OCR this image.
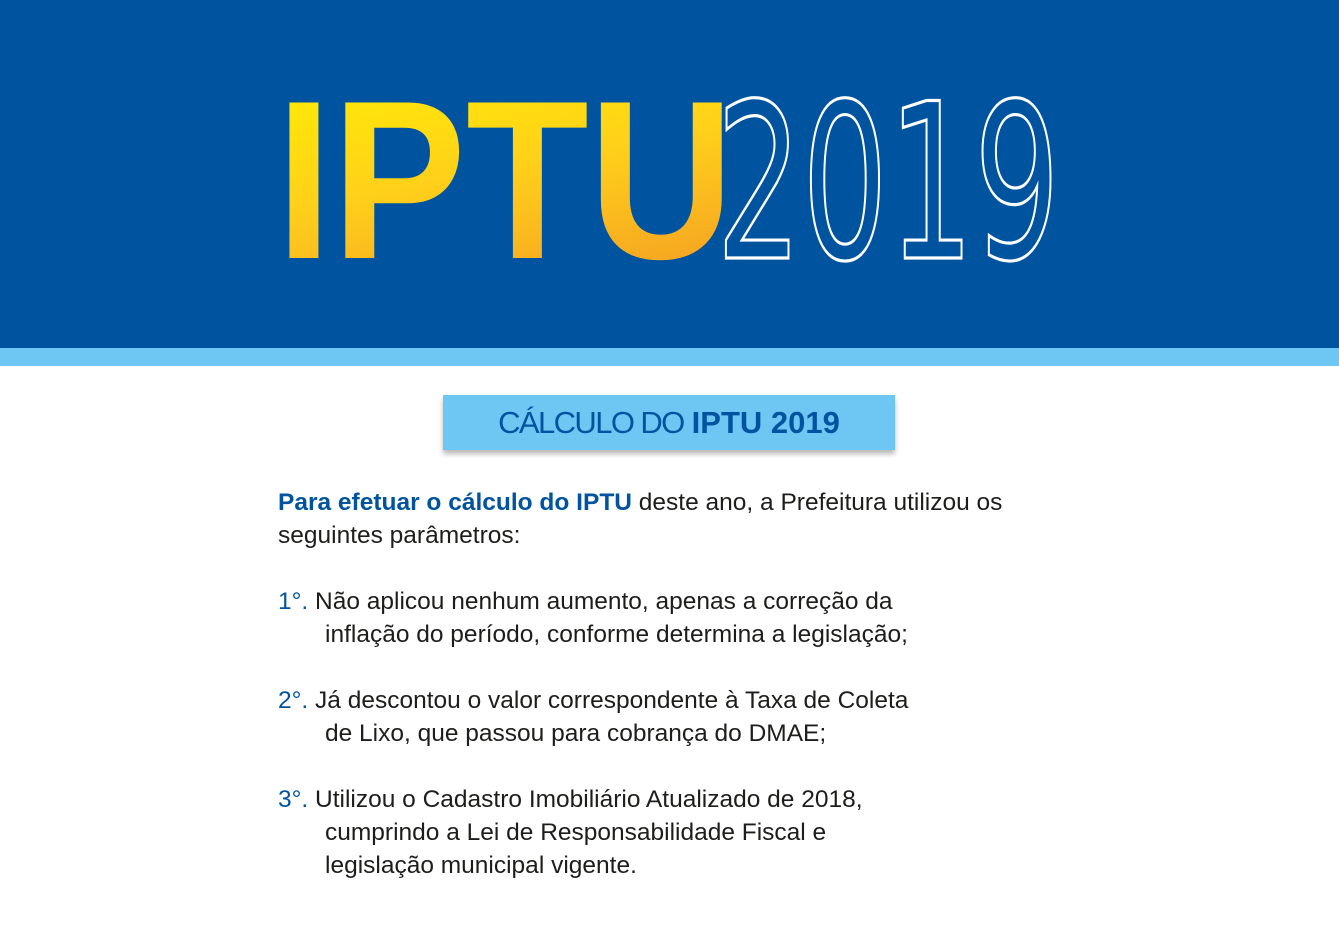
IPTU
2019
CÁLCULO DO IPTU 2019
Para efetuar o cálculo do IPTU deste ano, a Prefeitura utilizou os
seguintes parâmetros:
1°. Não aplicou nenhum aumento, apenas a correção da
inflação do período, conforme determina a legislação;
2°. Já descontou o valor correspondente à Taxa de Coleta
de Lixo, que passou para cobrança do DMAE;
3°. Utilizou o Cadastro Imobiliário Atualizado de 2018,
cumprindo a Lei de Responsabilidade Fiscal e
legislação municipal vigente.
